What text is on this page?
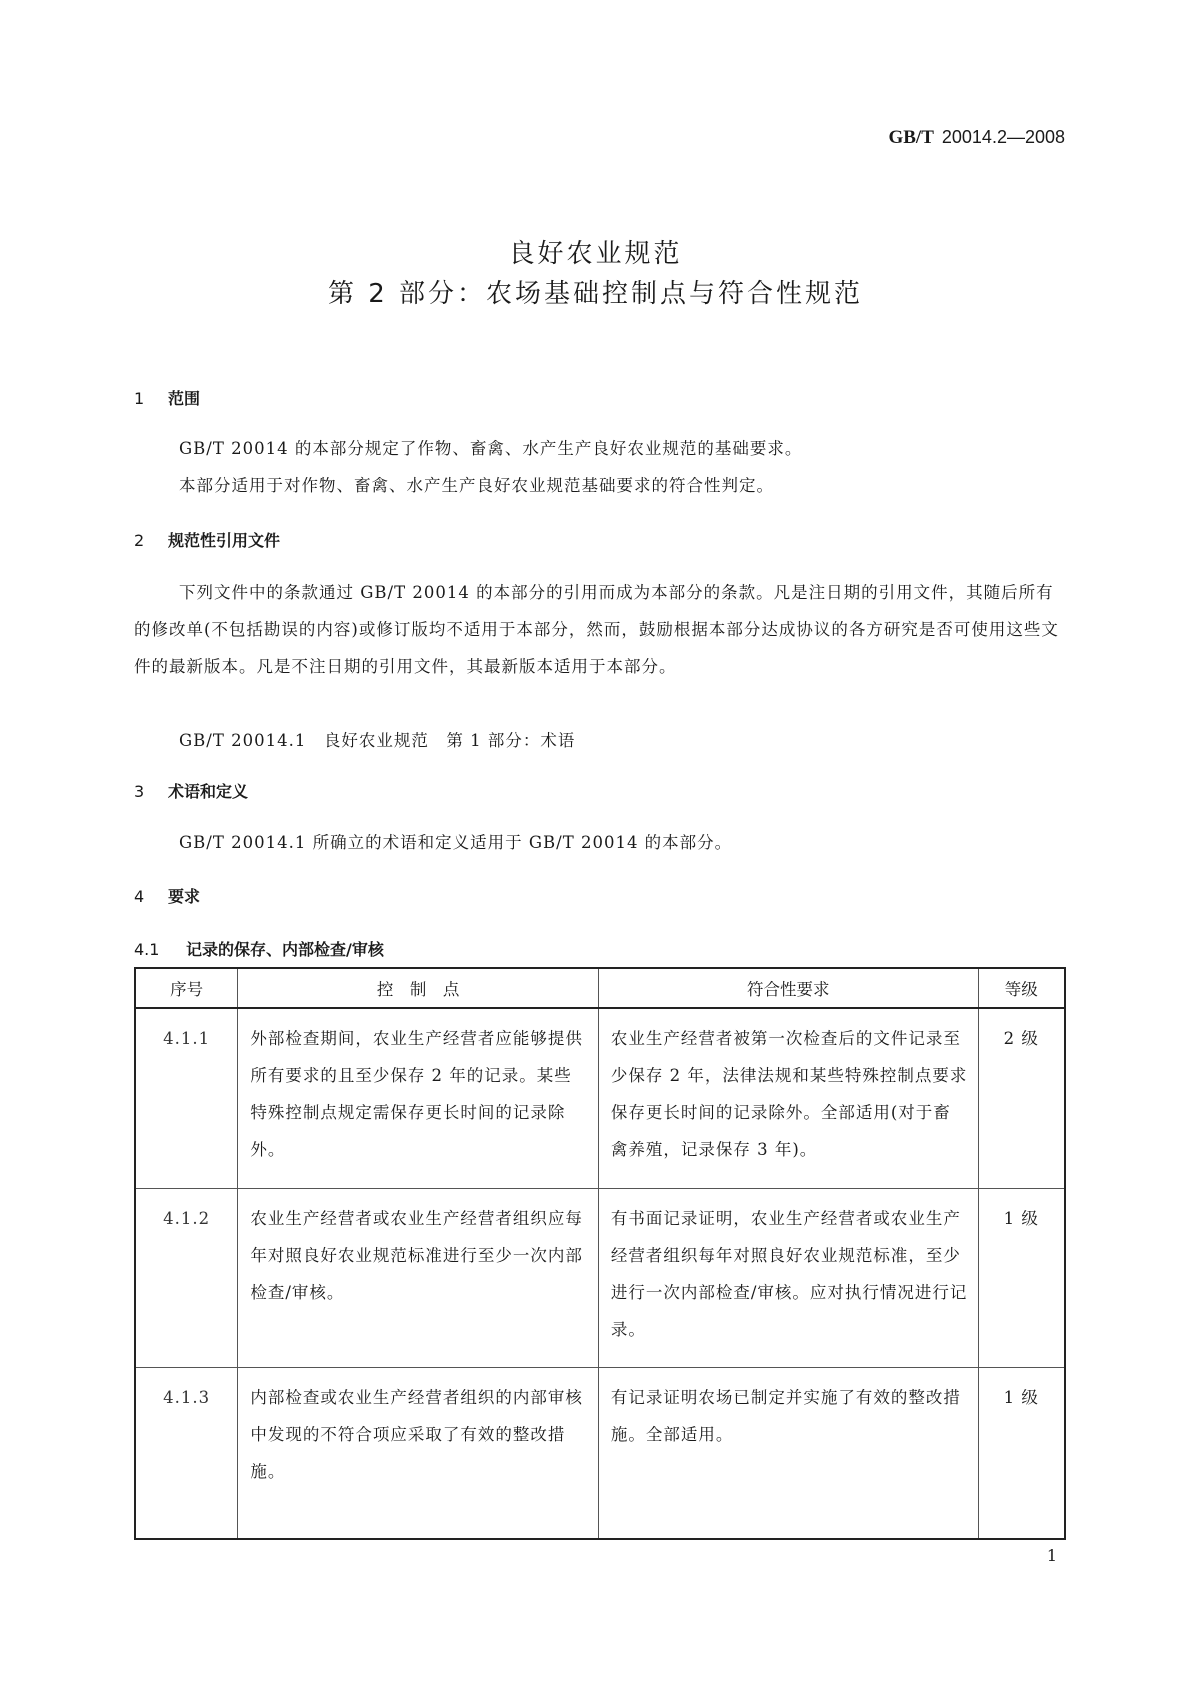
GB/T 20014.2—2008
良好农业规范
第 2 部分：农场基础控制点与符合性规范
1 范围
GB/T 20014 的本部分规定了作物、畜禽、水产生产良好农业规范的基础要求。
本部分适用于对作物、畜禽、水产生产良好农业规范基础要求的符合性判定。
2 规范性引用文件
下列文件中的条款通过 GB/T 20014 的本部分的引用而成为本部分的条款。凡是注日期的引用文件，其随后所有的修改单(不包括勘误的内容)或修订版均不适用于本部分，然而，鼓励根据本部分达成协议的各方研究是否可使用这些文件的最新版本。凡是不注日期的引用文件，其最新版本适用于本部分。
GB/T 20014.1　良好农业规范　第 1 部分：术语
3 术语和定义
GB/T 20014.1 所确立的术语和定义适用于 GB/T 20014 的本部分。
4 要求
4.1 记录的保存、内部检查/审核
序号	控　制　点	符合性要求	等级
4.1.1	外部检查期间，农业生产经营者应能够提供所有要求的且至少保存 2 年的记录。某些特殊控制点规定需保存更长时间的记录除外。	农业生产经营者被第一次检查后的文件记录至少保存 2 年，法律法规和某些特殊控制点要求保存更长时间的记录除外。全部适用(对于畜禽养殖，记录保存 3 年)。	2 级
4.1.2	农业生产经营者或农业生产经营者组织应每年对照良好农业规范标准进行至少一次内部检查/审核。	有书面记录证明，农业生产经营者或农业生产经营者组织每年对照良好农业规范标准，至少进行一次内部检查/审核。应对执行情况进行记录。	1 级
4.1.3	内部检查或农业生产经营者组织的内部审核中发现的不符合项应采取了有效的整改措施。	有记录证明农场已制定并实施了有效的整改措施。全部适用。	1 级
1
